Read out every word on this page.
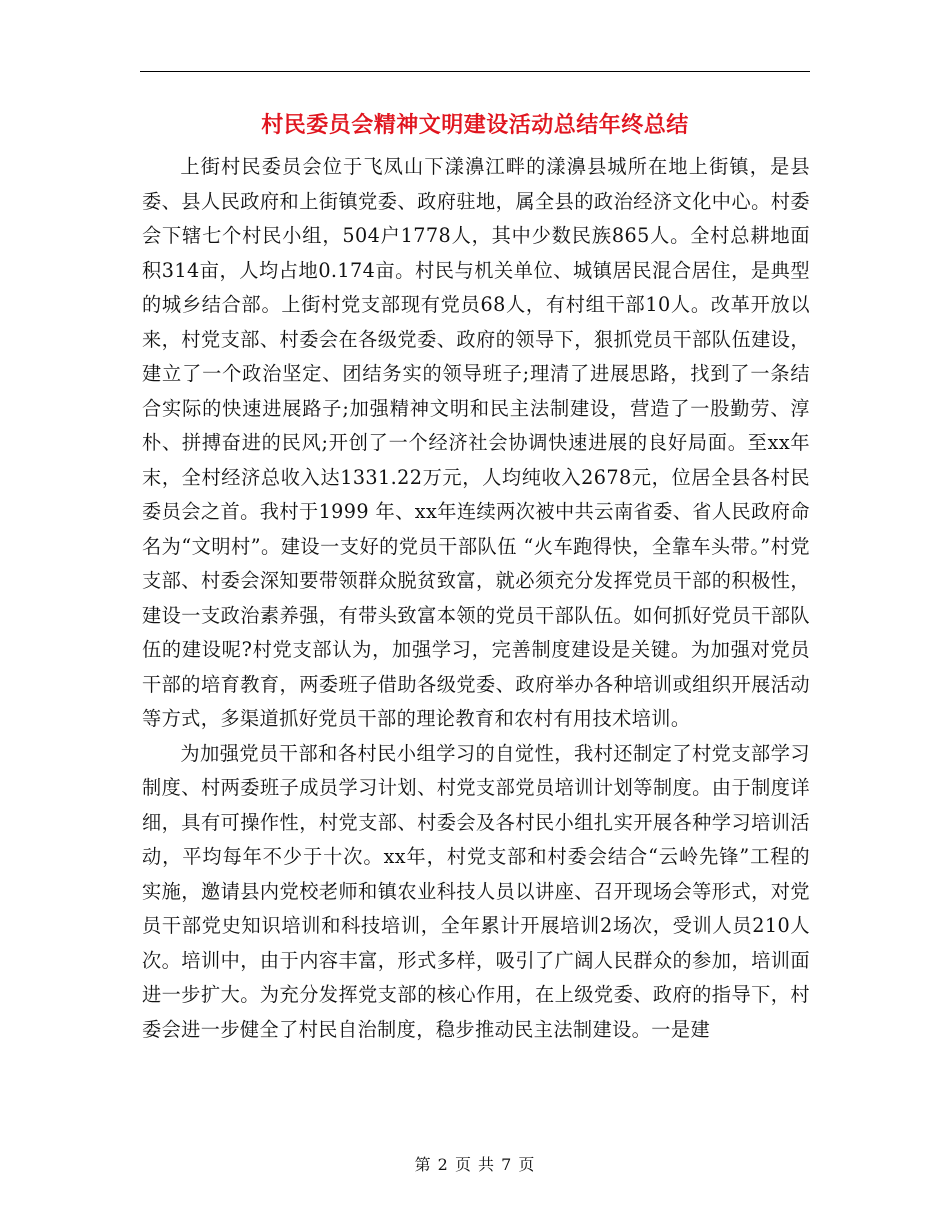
村民委员会精神文明建设活动总结年终总结

上街村民委员会位于飞凤山下漾濞江畔的漾濞县城所在地上街镇，是县委、县人民政府和上街镇党委、政府驻地，属全县的政治经济文化中心。村委会下辖七个村民小组，504户1778人，其中少数民族865人。全村总耕地面积314亩，人均占地0.174亩。村民与机关单位、城镇居民混合居住，是典型的城乡结合部。上街村党支部现有党员68人，有村组干部10人。改革开放以来，村党支部、村委会在各级党委、政府的领导下，狠抓党员干部队伍建设，建立了一个政治坚定、团结务实的领导班子;理清了进展思路，找到了一条结合实际的快速进展路子;加强精神文明和民主法制建设，营造了一股勤劳、淳朴、拼搏奋进的民风;开创了一个经济社会协调快速进展的良好局面。至xx年末，全村经济总收入达1331.22万元，人均纯收入2678元，位居全县各村民委员会之首。我村于1999 年、xx年连续两次被中共云南省委、省人民政府命名为“文明村”。建设一支好的党员干部队伍 “火车跑得快，全靠车头带。”村党支部、村委会深知要带领群众脱贫致富，就必须充分发挥党员干部的积极性，建设一支政治素养强，有带头致富本领的党员干部队伍。如何抓好党员干部队伍的建设呢?村党支部认为，加强学习，完善制度建设是关键。为加强对党员干部的培育教育，两委班子借助各级党委、政府举办各种培训或组织开展活动等方式，多渠道抓好党员干部的理论教育和农村有用技术培训。

为加强党员干部和各村民小组学习的自觉性，我村还制定了村党支部学习制度、村两委班子成员学习计划、村党支部党员培训计划等制度。由于制度详细，具有可操作性，村党支部、村委会及各村民小组扎实开展各种学习培训活动，平均每年不少于十次。xx年，村党支部和村委会结合“云岭先锋”工程的实施，邀请县内党校老师和镇农业科技人员以讲座、召开现场会等形式，对党员干部党史知识培训和科技培训，全年累计开展培训2场次，受训人员210人次。培训中，由于内容丰富，形式多样，吸引了广阔人民群众的参加，培训面进一步扩大。为充分发挥党支部的核心作用，在上级党委、政府的指导下，村委会进一步健全了村民自治制度，稳步推动民主法制建设。一是建

第 2 页 共 7 页
